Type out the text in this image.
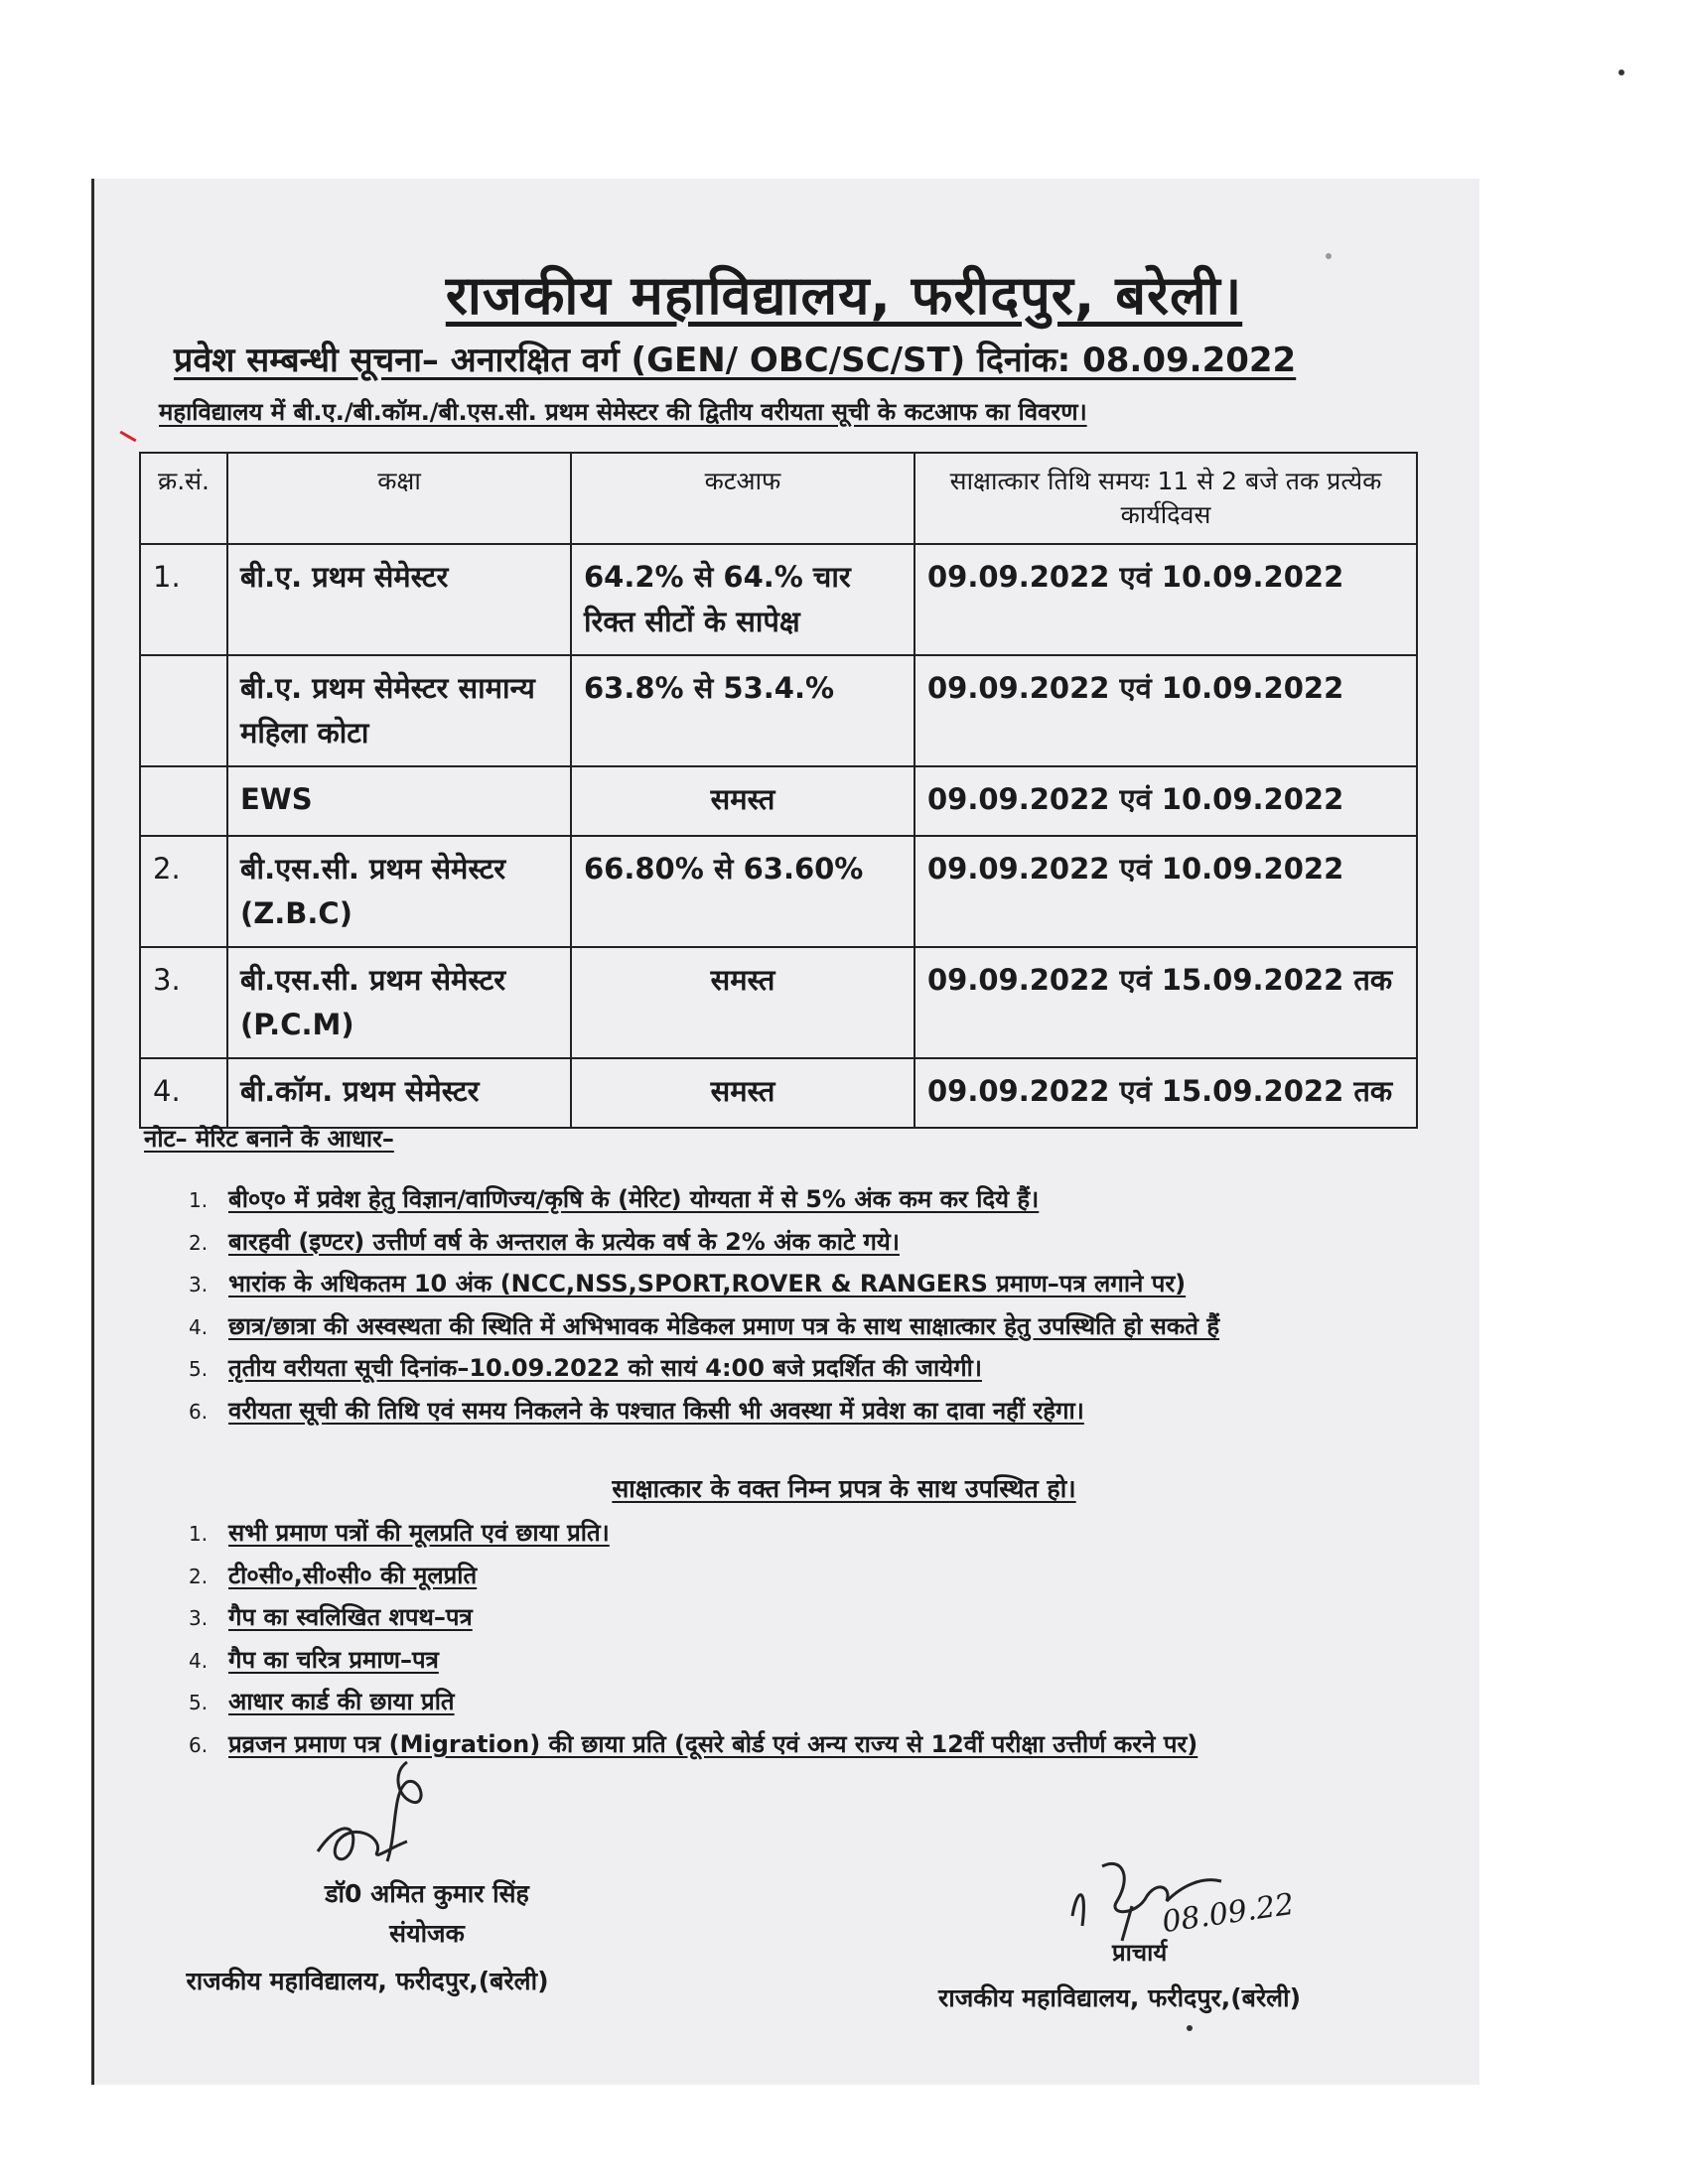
राजकीय महाविद्यालय, फरीदपुर, बरेली।
प्रवेश सम्बन्धी सूचना– अनारक्षित वर्ग (GEN/ OBC/SC/ST) दिनांक: 08.09.2022
महाविद्यालय में बी.ए./बी.कॉम./बी.एस.सी. प्रथम सेमेस्टर की द्वितीय वरीयता सूची के कटआफ का विवरण।
क्र.सं.	कक्षा	कटआफ	साक्षात्कार तिथि समयः 11 से 2 बजे तक प्रत्येक कार्यदिवस
1.	बी.ए. प्रथम सेमेस्टर	64.2% से 64.% चार रिक्त सीटों के सापेक्ष	09.09.2022 एवं 10.09.2022
	बी.ए. प्रथम सेमेस्टर सामान्य महिला कोटा	63.8% से 53.4.%	09.09.2022 एवं 10.09.2022
	EWS	समस्त	09.09.2022 एवं 10.09.2022
2.	बी.एस.सी. प्रथम सेमेस्टर (Z.B.C)	66.80% से 63.60%	09.09.2022 एवं 10.09.2022
3.	बी.एस.सी. प्रथम सेमेस्टर (P.C.M)	समस्त	09.09.2022 एवं 15.09.2022 तक
4.	बी.कॉम. प्रथम सेमेस्टर	समस्त	09.09.2022 एवं 15.09.2022 तक
नोट– मेरिट बनाने के आधार–
1. बी०ए० में प्रवेश हेतु विज्ञान/वाणिज्य/कृषि के (मेरिट) योग्यता में से 5% अंक कम कर दिये हैं।
2. बारहवी (इण्टर) उत्तीर्ण वर्ष के अन्तराल के प्रत्येक वर्ष के 2% अंक काटे गये।
3. भारांक के अधिकतम 10 अंक (NCC,NSS,SPORT,ROVER & RANGERS प्रमाण–पत्र लगाने पर)
4. छात्र/छात्रा की अस्वस्थता की स्थिति में अभिभावक मेडिकल प्रमाण पत्र के साथ साक्षात्कार हेतु उपस्थिति हो सकते हैं
5. तृतीय वरीयता सूची दिनांक–10.09.2022 को सायं 4:00 बजे प्रदर्शित की जायेगी।
6. वरीयता सूची की तिथि एवं समय निकलने के पश्चात किसी भी अवस्था में प्रवेश का दावा नहीं रहेगा।
साक्षात्कार के वक्त निम्न प्रपत्र के साथ उपस्थित हो।
1. सभी प्रमाण पत्रों की मूलप्रति एवं छाया प्रति।
2. टी०सी०,सी०सी० की मूलप्रति
3. गैप का स्वलिखित शपथ–पत्र
4. गैप का चरित्र प्रमाण–पत्र
5. आधार कार्ड की छाया प्रति
6. प्रव्रजन प्रमाण पत्र (Migration) की छाया प्रति (दूसरे बोर्ड एवं अन्य राज्य से 12वीं परीक्षा उत्तीर्ण करने पर)
डॉ0 अमित कुमार सिंह
संयोजक
राजकीय महाविद्यालय, फरीदपुर,(बरेली)
08.09.22
प्राचार्य
राजकीय महाविद्यालय, फरीदपुर,(बरेली)
